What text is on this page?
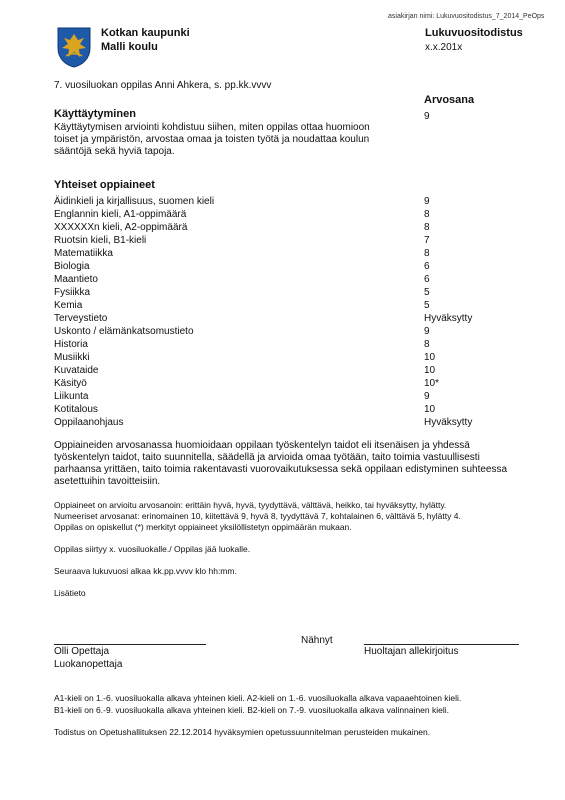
asiakirjan nimi: Lukuvuositodistus_7_2014_PeOps
Kotkan kaupunki
Malli koulu
Lukuvuositodistus
x.x.201x
7. vuosiluokan oppilas Anni Ahkera, s. pp.kk.vvvv
Arvosana
Käyttäytyminen	9
Käyttäytymisen arviointi kohdistuu siihen, miten oppilas ottaa huomioon toiset ja ympäristön, arvostaa omaa ja toisten työtä ja noudattaa koulun sääntöjä sekä hyviä tapoja.
Yhteiset oppiaineet
Äidinkieli ja kirjallisuus, suomen kieli	9
Englannin kieli, A1-oppimäärä	8
XXXXXXn kieli, A2-oppimäärä	8
Ruotsin kieli, B1-kieli	7
Matematiikka	8
Biologia	6
Maantieto	6
Fysiikka	5
Kemia	5
Terveystieto	Hyväksytty
Uskonto / elämänkatsomustieto	9
Historia	8
Musiikki	10
Kuvataide	10
Käsityö	10*
Liikunta	9
Kotitalous	10
Oppilaanohjaus	Hyväksytty
Oppiaineiden arvosanassa huomioidaan oppilaan työskentelyn taidot eli itsenäisen ja yhdessä työskentelyn taidot, taito suunnitella, säädellä ja arvioida omaa työtään, taito toimia vastuullisesti parhaansa yrittäen, taito toimia rakentavasti vuorovaikutuksessa sekä oppilaan edistyminen suhteessa asetettuihin tavoitteisiin.
Oppiaineet on arvioitu arvosanoin: erittäin hyvä, hyvä, tyydyttävä, välttävä, heikko, tai hyväksytty, hylätty.
Numeeriset arvosanat: erinomainen 10, kiitettävä 9, hyvä 8, tyydyttävä 7, kohtalainen 6, välttävä 5, hylätty 4.
Oppilas on opiskellut (*) merkityt oppiaineet yksilöllistetyn oppimäärän mukaan.
Oppilas siirtyy x. vuosiluokalle./ Oppilas jää luokalle.
Seuraava lukuvuosi alkaa kk.pp.vvvv klo hh:mm.
Lisätieto
Nähnyt
Olli Opettaja
Luokanopettaja
Huoltajan allekirjoitus
A1-kieli on 1.-6. vuosiluokalla alkava yhteinen kieli. A2-kieli on 1.-6. vuosiluokalla alkava vapaaehtoinen kieli.
B1-kieli on 6.-9. vuosiluokalla alkava yhteinen kieli. B2-kieli on 7.-9. vuosiluokalla alkava valinnainen kieli.
Todistus on Opetushallituksen 22.12.2014 hyväksymien opetussuunnitelman perusteiden mukainen.
